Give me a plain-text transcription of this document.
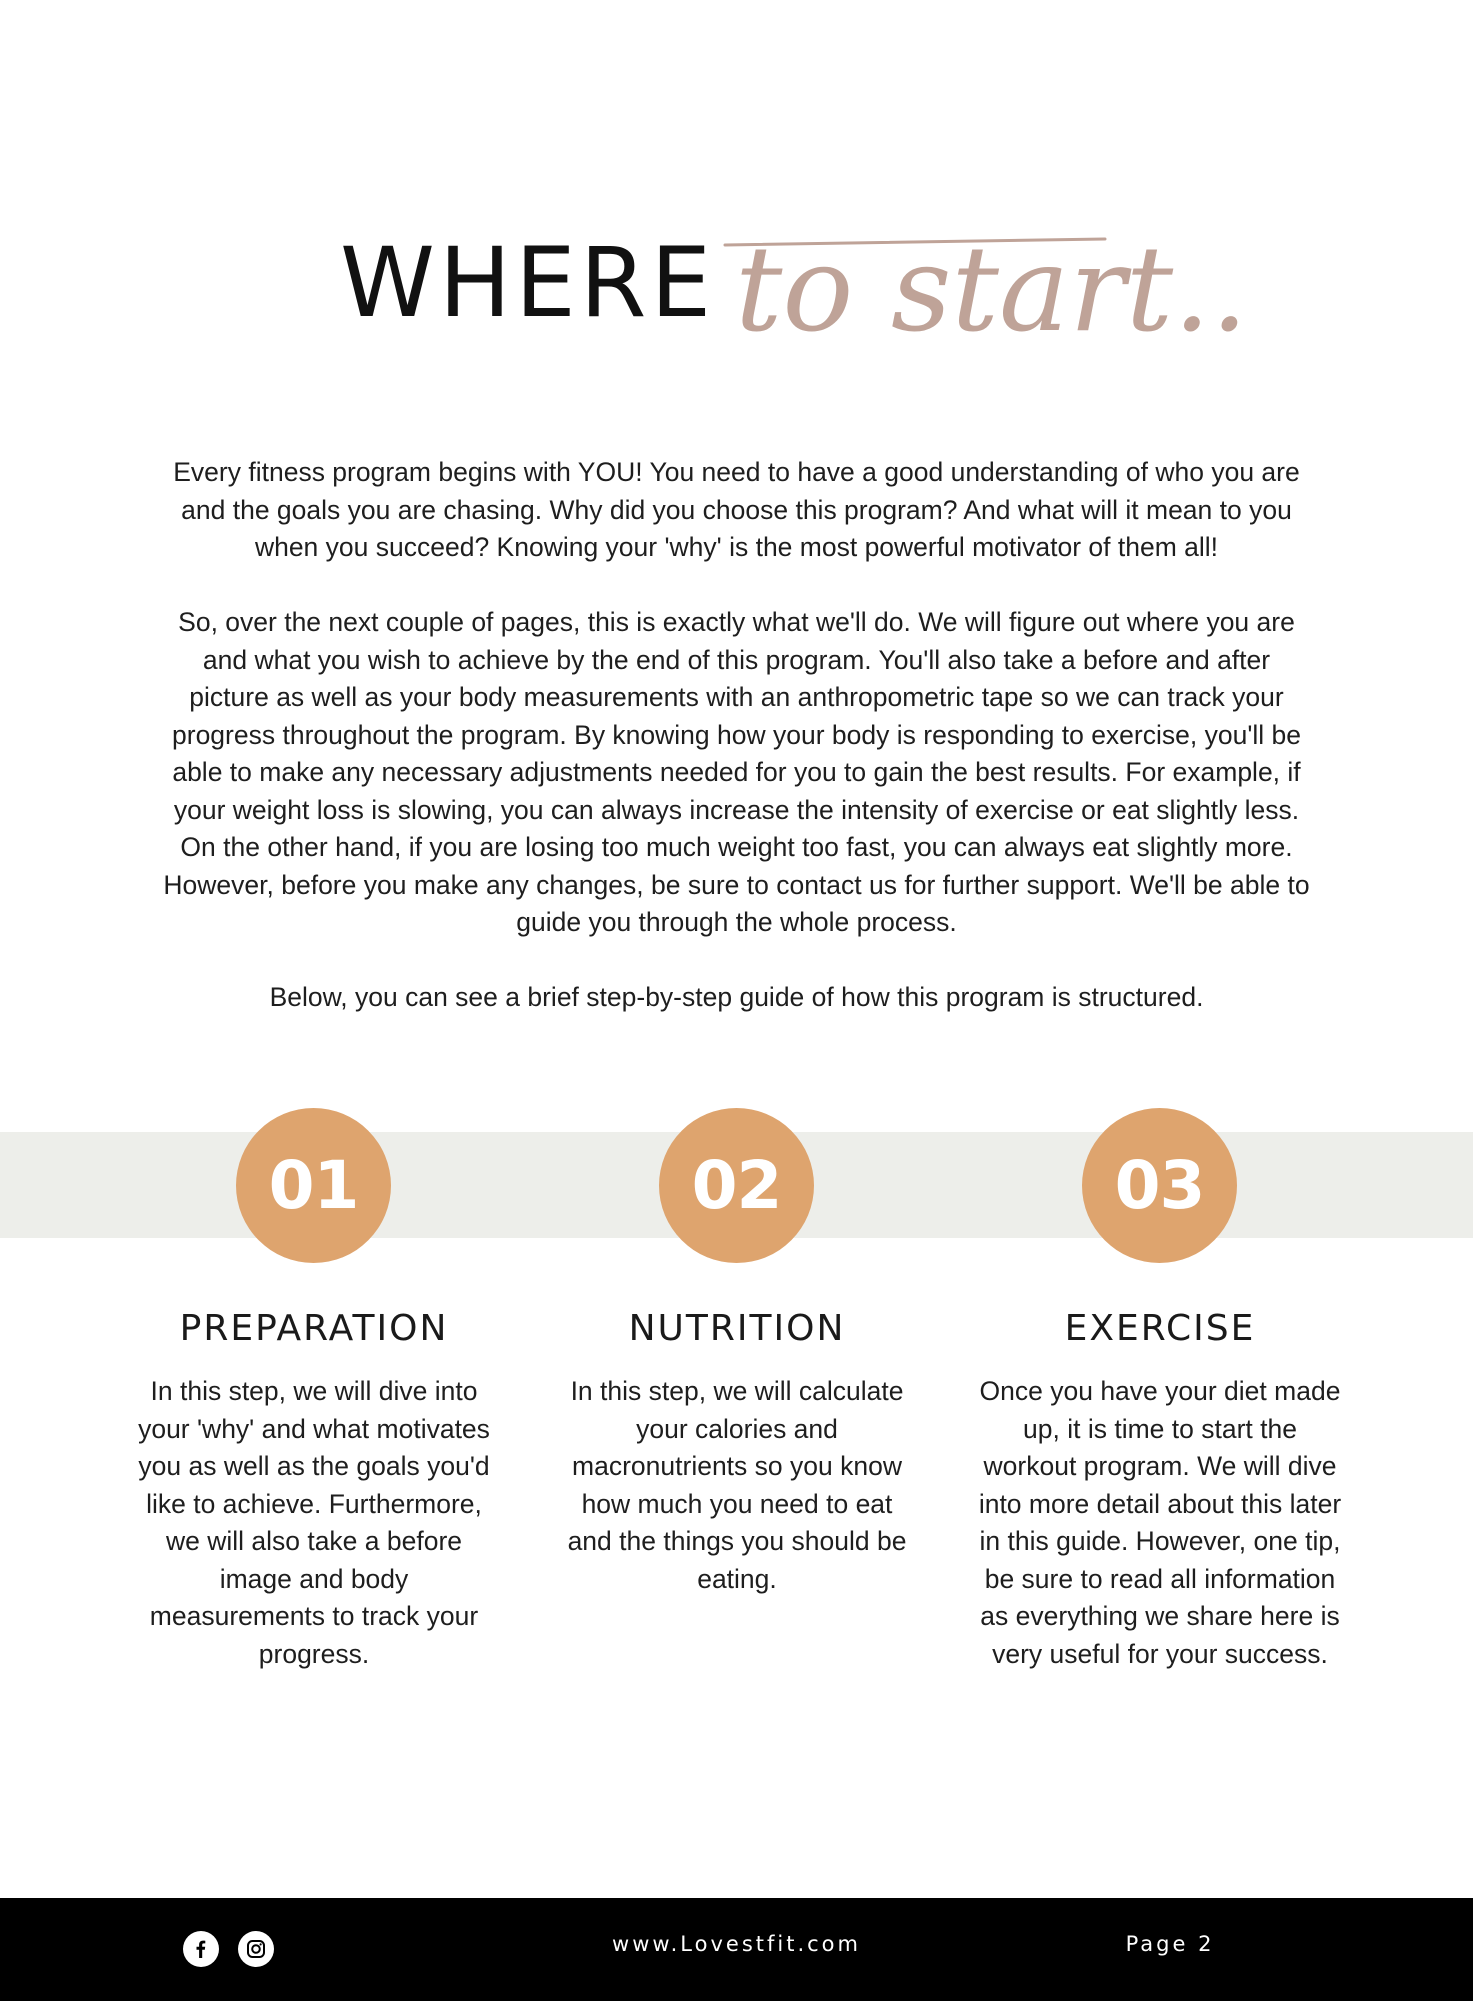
WHERE to start..

Every fitness program begins with YOU! You need to have a good understanding of who you are and the goals you are chasing. Why did you choose this program? And what will it mean to you when you succeed? Knowing your 'why' is the most powerful motivator of them all!

So, over the next couple of pages, this is exactly what we'll do. We will figure out where you are and what you wish to achieve by the end of this program. You'll also take a before and after picture as well as your body measurements with an anthropometric tape so we can track your progress throughout the program. By knowing how your body is responding to exercise, you'll be able to make any necessary adjustments needed for you to gain the best results. For example, if your weight loss is slowing, you can always increase the intensity of exercise or eat slightly less. On the other hand, if you are losing too much weight too fast, you can always eat slightly more. However, before you make any changes, be sure to contact us for further support. We'll be able to guide you through the whole process.

Below, you can see a brief step-by-step guide of how this program is structured.

01	02	03
PREPARATION

In this step, we will dive into your 'why' and what motivates you as well as the goals you'd like to achieve. Furthermore, we will also take a before image and body measurements to track your progress.

NUTRITION

In this step, we will calculate your calories and macronutrients so you know how much you need to eat and the things you should be eating.

EXERCISE

Once you have your diet made up, it is time to start the workout program. We will dive into more detail about this later in this guide. However, one tip, be sure to read all information as everything we share here is very useful for your success.

www.Lovestfit.com	Page 2
